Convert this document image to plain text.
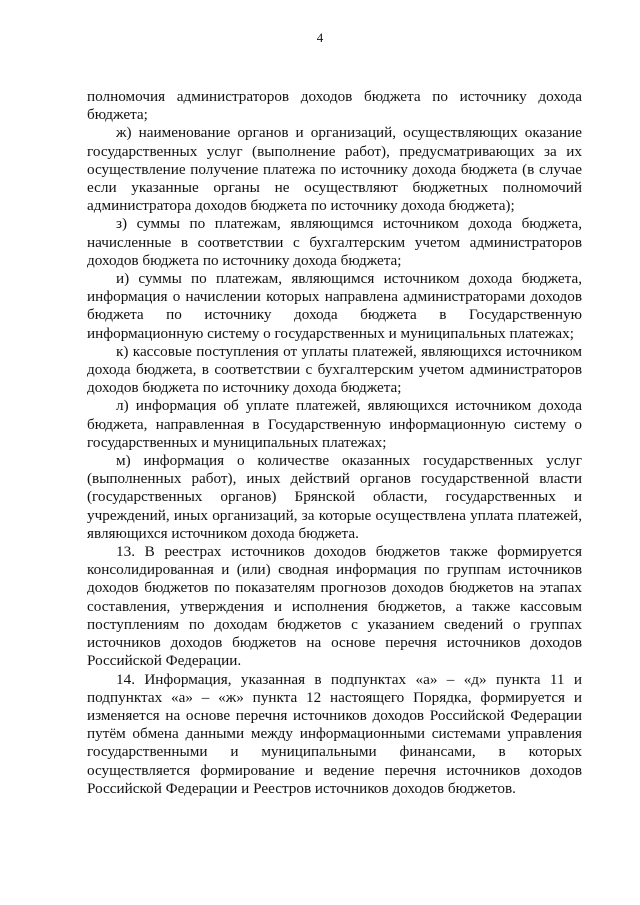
4

полномочия администраторов доходов бюджета по источнику дохода бюджета;

ж) наименование органов и организаций, осуществляющих оказание государственных услуг (выполнение работ), предусматривающих за их осуществление получение платежа по источнику дохода бюджета (в случае если указанные органы не осуществляют бюджетных полномочий администратора доходов бюджета по источнику дохода бюджета);

з) суммы по платежам, являющимся источником дохода бюджета, начисленные в соответствии с бухгалтерским учетом администраторов доходов бюджета по источнику дохода бюджета;

и) суммы по платежам, являющимся источником дохода бюджета, информация о начислении которых направлена администраторами доходов бюджета по источнику дохода бюджета в Государственную информационную систему о государственных и муниципальных платежах;

к) кассовые поступления от уплаты платежей, являющихся источником дохода бюджета, в соответствии с бухгалтерским учетом администраторов доходов бюджета по источнику дохода бюджета;

л) информация об уплате платежей, являющихся источником дохода бюджета, направленная в Государственную информационную систему о государственных и муниципальных платежах;

м) информация о количестве оказанных государственных услуг (выполненных работ), иных действий органов государственной власти (государственных органов) Брянской области, государственных и учреждений, иных организаций, за которые осуществлена уплата платежей, являющихся источником дохода бюджета.

13. В реестрах источников доходов бюджетов также формируется консолидированная и (или) сводная информация по группам источников доходов бюджетов по показателям прогнозов доходов бюджетов на этапах составления, утверждения и исполнения бюджетов, а также кассовым поступлениям по доходам бюджетов с указанием сведений о группах источников доходов бюджетов на основе перечня источников доходов Российской Федерации.

14. Информация, указанная в подпунктах «а» – «д» пункта 11 и подпунктах «а» – «ж» пункта 12 настоящего Порядка, формируется и изменяется на основе перечня источников доходов Российской Федерации путём обмена данными между информационными системами управления государственными и муниципальными финансами, в которых осуществляется формирование и ведение перечня источников доходов Российской Федерации и Реестров источников доходов бюджетов.
